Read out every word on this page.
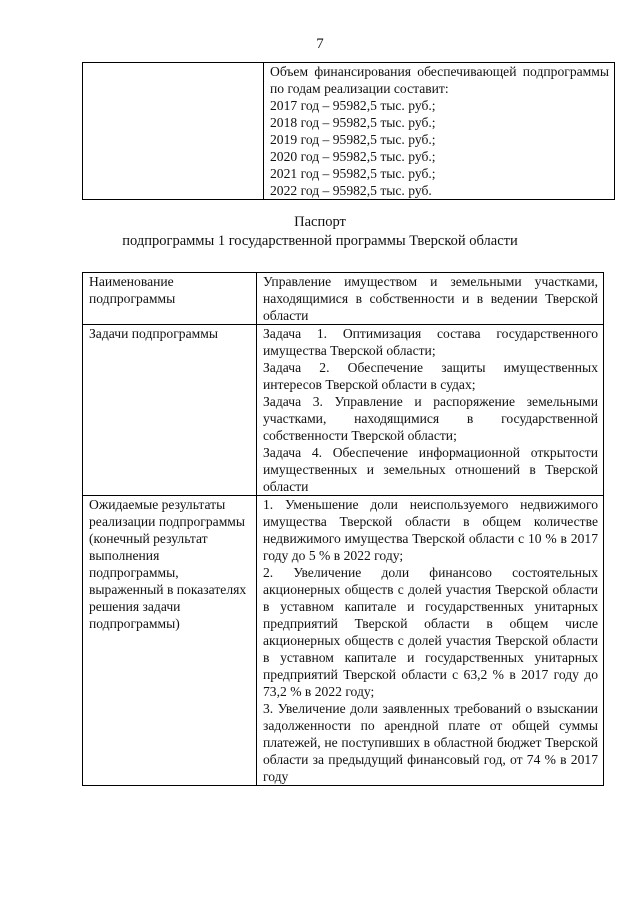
7

Объем финансирования обеспечивающей подпрограммы по годам реализации составит:

2017 год – 95982,5 тыс. руб.;
2018 год – 95982,5 тыс. руб.;
2019 год – 95982,5 тыс. руб.;
2020 год – 95982,5 тыс. руб.;
2021 год – 95982,5 тыс. руб.;
2022 год – 95982,5 тыс. руб.
Паспорт
подпрограммы 1 государственной программы Тверской области
Наименование подпрограммы	Управление имуществом и земельными участками, находящимися в собственности и в ведении Тверской области

Задачи подпрограммы	Задача 1. Оптимизация состава государственного имущества Тверской области;

Задача 2. Обеспечение защиты имущественных интересов Тверской области в судах;

Задача 3. Управление и распоряжение земельными участками, находящимися в государственной собственности Тверской области;

Задача 4. Обеспечение информационной открытости имущественных и земельных отношений в Тверской области

Ожидаемые результаты реализации подпрограммы (конечный результат выполнения подпрограммы, выраженный в показателях решения задачи подпрограммы)	1. Уменьшение доли неиспользуемого недвижимого имущества Тверской области в общем количестве недвижимого имущества Тверской области с 10 % в 2017 году до 5 % в 2022 году;

2. Увеличение доли финансово состоятельных акционерных обществ с долей участия Тверской области в уставном капитале и государственных унитарных предприятий Тверской области в общем числе акционерных обществ с долей участия Тверской области в уставном капитале и государственных унитарных предприятий Тверской области с 63,2 % в 2017 году до 73,2 % в 2022 году;

3. Увеличение доли заявленных требований о взыскании задолженности по арендной плате от общей суммы платежей, не поступивших в областной бюджет Тверской области за предыдущий финансовый год, от 74 % в 2017 году
